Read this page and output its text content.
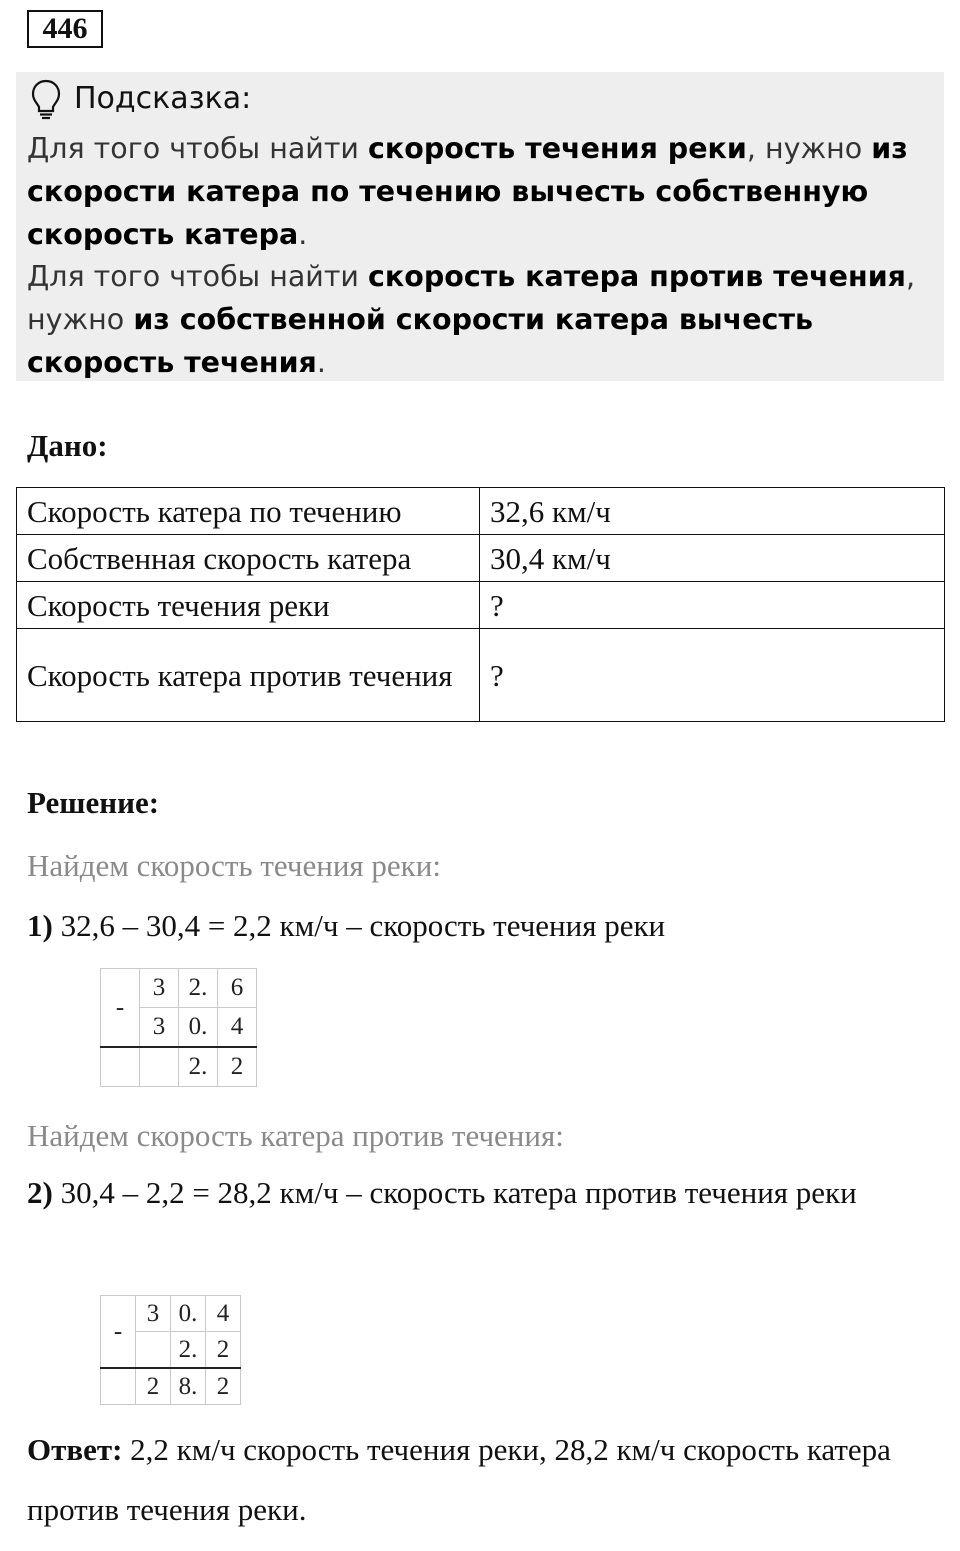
446
Подсказка:
Для того чтобы найти скорость течения реки, нужно из скорости катера по течению вычесть собственную скорость катера.
Для того чтобы найти скорость катера против течения, нужно из собственной скорости катера вычесть скорость течения.
Дано:
Скорость катера по течению	32,6 км/ч
Собственная скорость катера	30,4 км/ч
Скорость течения реки	?
Скорость катера против течения	?
Решение:
Найдем скорость течения реки:
1) 32,6 – 30,4 = 2,2 км/ч – скорость течения реки
-	3	2.	6
	3	0.	4
		2.	2
Найдем скорость катера против течения:
2) 30,4 – 2,2 = 28,2 км/ч – скорость катера против течения реки
-	3	0.	4
		2.	2
	2	8.	2
Ответ: 2,2 км/ч скорость течения реки, 28,2 км/ч скорость катера против течения реки.
